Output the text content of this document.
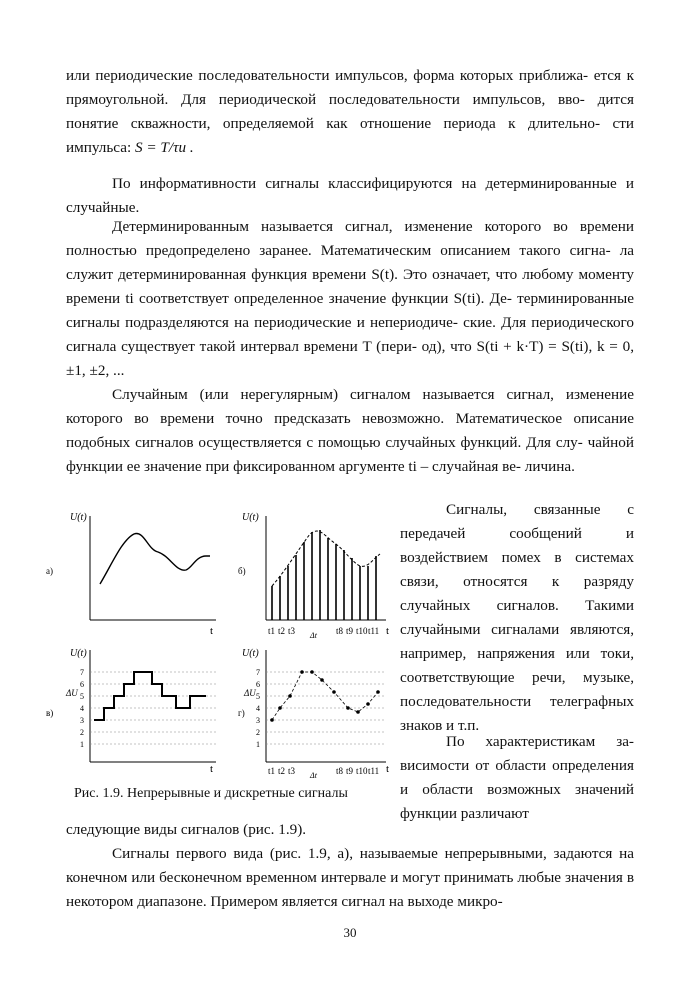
или периодические последовательности импульсов, форма которых приближа- ется к прямоугольной. Для периодической последовательности импульсов, вво- дится понятие скважности, определяемой как отношение периода к длительно- сти импульса: S = T/τи .

По информативности сигналы классифицируются на детерминированные и случайные.

Детерминированным называется сигнал, изменение которого во времени полностью предопределено заранее. Математическим описанием такого сигна- ла служит детерминированная функция времени S(t). Это означает, что любому моменту времени ti соответствует определенное значение функции S(ti). Де- терминированные сигналы подразделяются на периодические и непериодиче- ские. Для периодического сигнала существует такой интервал времени T (пери- од), что S(ti + k·T) = S(ti), k = 0, ±1, ±2, ...

Случайным (или нерегулярным) сигналом называется сигнал, изменение которого во времени точно предсказать невозможно. Математическое описание подобных сигналов осуществляется с помощью случайных функций. Для слу- чайной функции ее значение при фиксированном аргументе ti – случайная ве- личина.

U(t)
а)
t
U(t)
б)
t1 t2 t3 Δt t8 t9 t10 t11 t
U(t)
в)
ΔU
t
1
2
3
4
5
6
7
U(t)
г)
ΔU
1
2
3
4
5
6
7
t1 t2 t3 Δt t8 t9 t10 t11 t
Рис. 1.9. Непрерывные и дискретные сигналы

Сигналы, связанные с передачей сообщений и воздействием помех в системах связи, относятся к разряду случайных сигналов. Такими случайными сигналами являются, например, напряжения или токи, соответствующие речи, музыке, последовательности телеграфных знаков и т.п.

По характеристикам за-висимости от области определения и области возможных значений функции различают

следующие виды сигналов (рис. 1.9).

Сигналы первого вида (рис. 1.9, а), называемые непрерывными, задаются на конечном или бесконечном временном интервале и могут принимать любые значения в некотором диапазоне. Примером является сигнал на выходе микро-

30
